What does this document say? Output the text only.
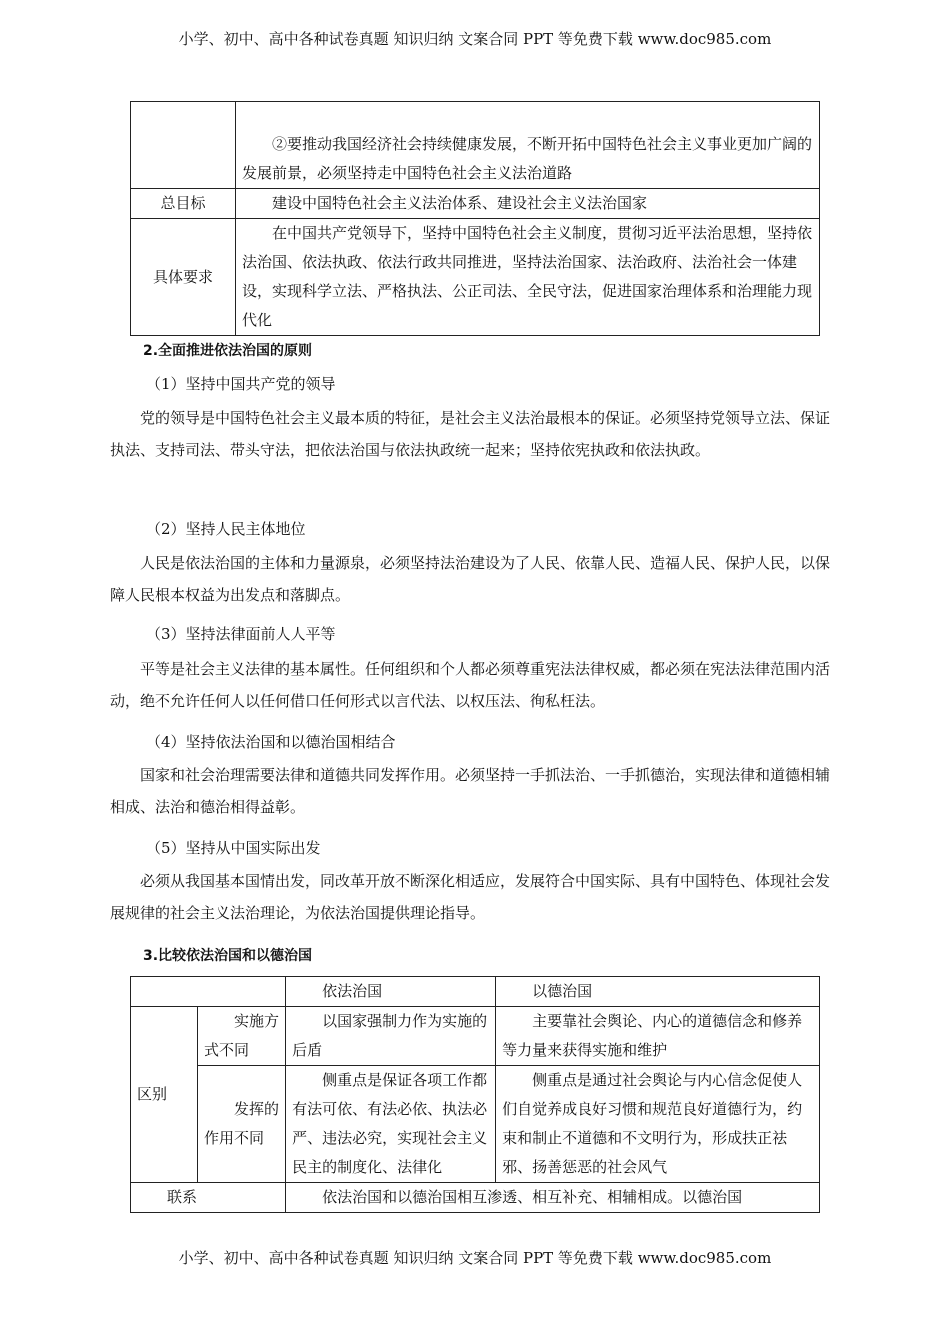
小学、初中、高中各种试卷真题 知识归纳 文案合同 PPT 等免费下载 www.doc985.com

	②要推动我国经济社会持续健康发展，不断开拓中国特色社会主义事业更加广阔的发展前景，必须坚持走中国特色社会主义法治道路

总目标	建设中国特色社会主义法治体系、建设社会主义法治国家
具体要求	在中国共产党领导下，坚持中国特色社会主义制度，贯彻习近平法治思想，坚持依法治国、依法执政、依法行政共同推进，坚持法治国家、法治政府、法治社会一体建设，实现科学立法、严格执法、公正司法、全民守法，促进国家治理体系和治理能力现代化
2.全面推进依法治国的原则
（1）坚持中国共产党的领导

党的领导是中国特色社会主义最本质的特征，是社会主义法治最根本的保证。必须坚持党领导立法、保证执法、支持司法、带头守法，把依法治国与依法执政统一起来；坚持依宪执政和依法执政。

（2）坚持人民主体地位

人民是依法治国的主体和力量源泉，必须坚持法治建设为了人民、依靠人民、造福人民、保护人民，以保障人民根本权益为出发点和落脚点。

（3）坚持法律面前人人平等

平等是社会主义法律的基本属性。任何组织和个人都必须尊重宪法法律权威，都必须在宪法法律范围内活动，绝不允许任何人以任何借口任何形式以言代法、以权压法、徇私枉法。

（4）坚持依法治国和以德治国相结合

国家和社会治理需要法律和道德共同发挥作用。必须坚持一手抓法治、一手抓德治，实现法律和道德相辅相成、法治和德治相得益彰。

（5）坚持从中国实际出发

必须从我国基本国情出发，同改革开放不断深化相适应，发展符合中国实际、具有中国特色、体现社会发展规律的社会主义法治理论，为依法治国提供理论指导。

3.比较依法治国和以德治国
		依法治国	以德治国
区别	实施方式不同	以国家强制力作为实施的后盾	主要靠社会舆论、内心的道德信念和修养等力量来获得实施和维护
	发挥的作用不同	侧重点是保证各项工作都有法可依、有法必依、执法必严、违法必究，实现社会主义民主的制度化、法律化	侧重点是通过社会舆论与内心信念促使人们自觉养成良好习惯和规范良好道德行为，约束和制止不道德和不文明行为，形成扶正祛邪、扬善惩恶的社会风气
联系		依法治国和以德治国相互渗透、相互补充、相辅相成。以德治国	
小学、初中、高中各种试卷真题 知识归纳 文案合同 PPT 等免费下载 www.doc985.com
